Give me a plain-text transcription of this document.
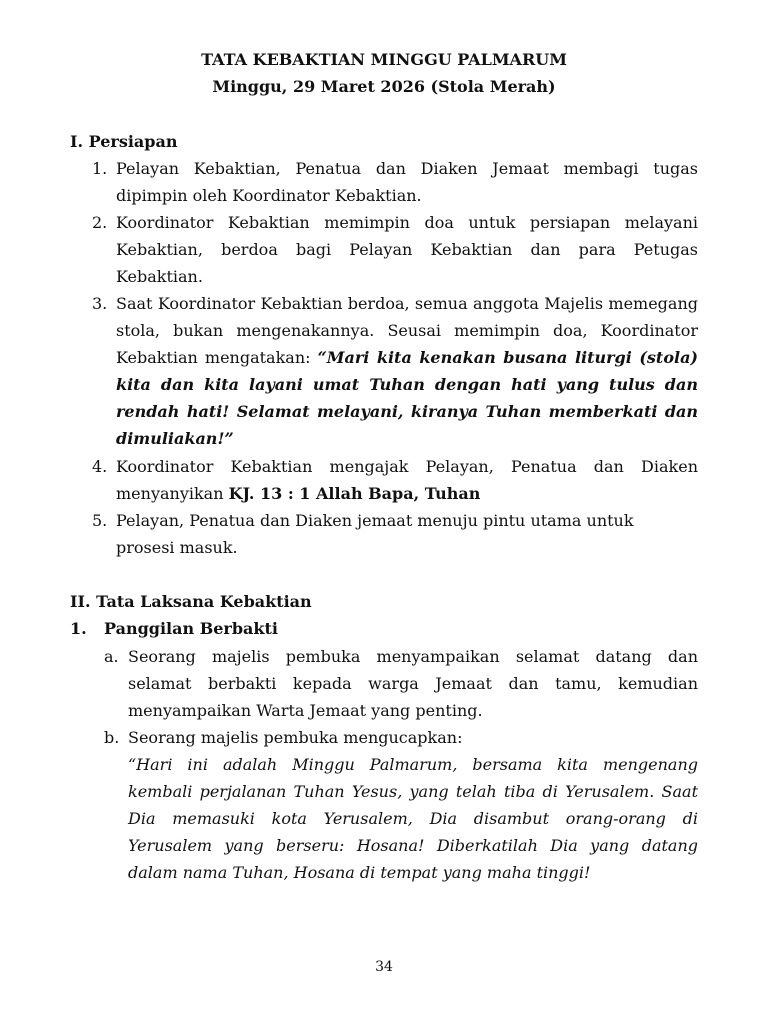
TATA KEBAKTIAN MINGGU PALMARUM
Minggu, 29 Maret 2026 (Stola Merah)
I. Persiapan
1. Pelayan Kebaktian, Penatua dan Diaken Jemaat membagi tugas dipimpin oleh Koordinator Kebaktian.
2. Koordinator Kebaktian memimpin doa untuk persiapan melayani Kebaktian, berdoa bagi Pelayan Kebaktian dan para Petugas Kebaktian.
3. Saat Koordinator Kebaktian berdoa, semua anggota Majelis memegang stola, bukan mengenakannya. Seusai memimpin doa, Koordinator Kebaktian mengatakan: “Mari kita kenakan busana liturgi (stola) kita dan kita layani umat Tuhan dengan hati yang tulus dan rendah hati! Selamat melayani, kiranya Tuhan memberkati dan dimuliakan!”
4. Koordinator Kebaktian mengajak Pelayan, Penatua dan Diaken menyanyikan KJ. 13 : 1 Allah Bapa, Tuhan
5. Pelayan, Penatua dan Diaken jemaat menuju pintu utama untuk prosesi masuk.
II. Tata Laksana Kebaktian
1. Panggilan Berbakti
a. Seorang majelis pembuka menyampaikan selamat datang dan selamat berbakti kepada warga Jemaat dan tamu, kemudian menyampaikan Warta Jemaat yang penting.
b. Seorang majelis pembuka mengucapkan:
“Hari ini adalah Minggu Palmarum, bersama kita mengenang kembali perjalanan Tuhan Yesus, yang telah tiba di Yerusalem. Saat Dia memasuki kota Yerusalem, Dia disambut orang-orang di Yerusalem yang berseru: Hosana! Diberkatilah Dia yang datang dalam nama Tuhan, Hosana di tempat yang maha tinggi!
34
